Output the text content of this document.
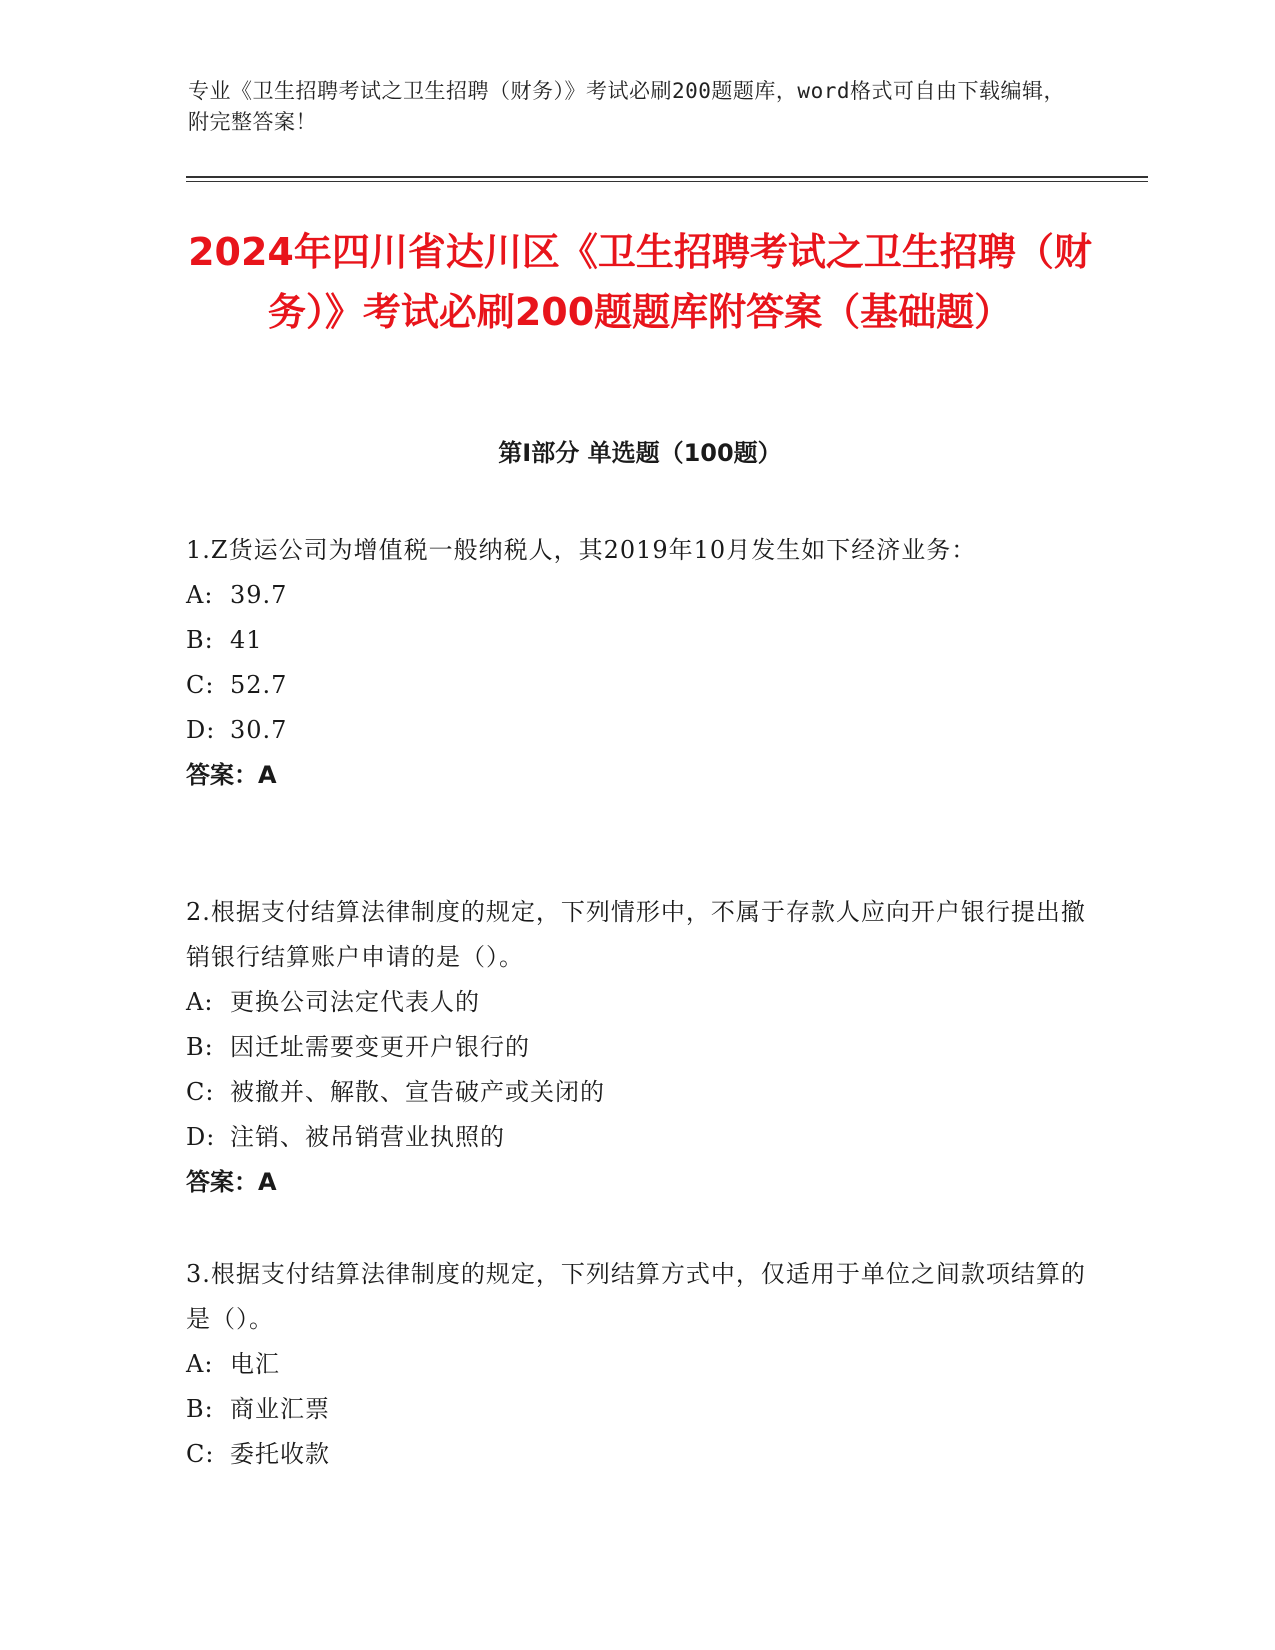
专业《卫生招聘考试之卫生招聘（财务）》考试必刷200题题库，word格式可自由下载编辑，附完整答案！
2024年四川省达川区《卫生招聘考试之卫生招聘（财务）》考试必刷200题题库附答案（基础题）
第I部分 单选题（100题）
1.Z货运公司为增值税一般纳税人，其2019年10月发生如下经济业务：
A: 39.7
B: 41
C: 52.7
D: 30.7
答案：A
2.根据支付结算法律制度的规定，下列情形中，不属于存款人应向开户银行提出撤销银行结算账户申请的是（）。
A: 更换公司法定代表人的
B: 因迁址需要变更开户银行的
C: 被撤并、解散、宣告破产或关闭的
D: 注销、被吊销营业执照的
答案：A
3.根据支付结算法律制度的规定，下列结算方式中，仅适用于单位之间款项结算的是（）。
A: 电汇
B: 商业汇票
C: 委托收款
